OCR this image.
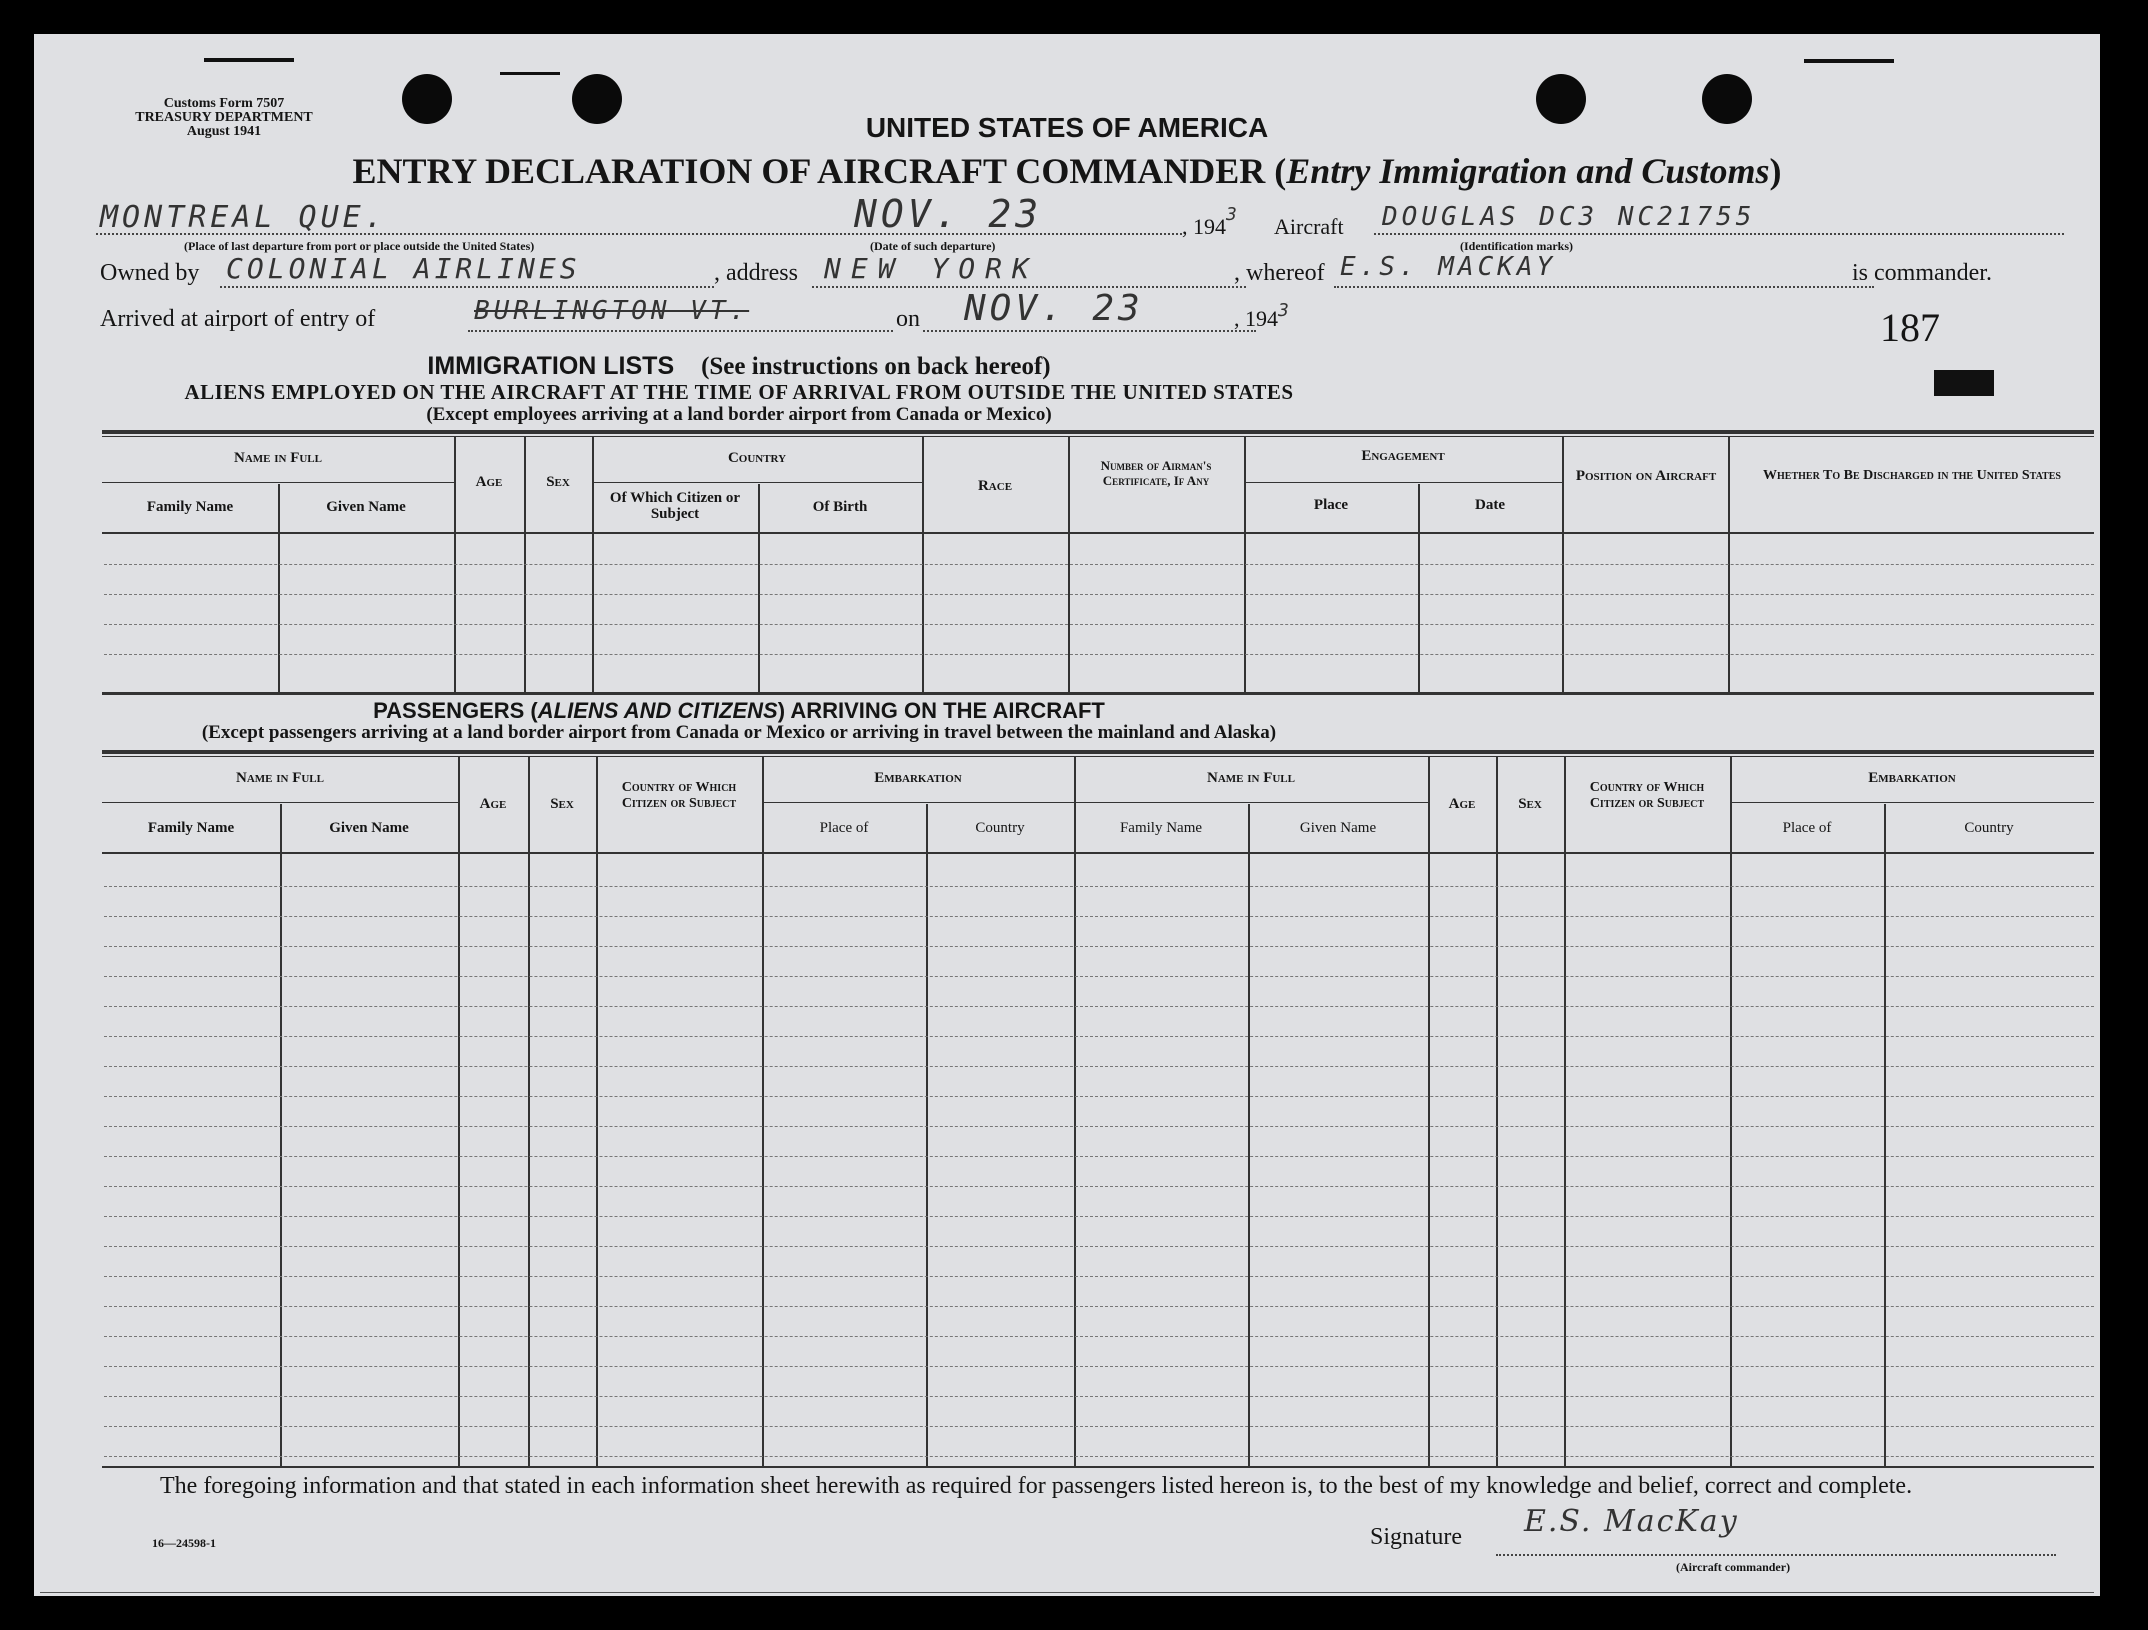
Customs Form 7507
TREASURY DEPARTMENT
August 1941	UNITED STATES OF AMERICA
ENTRY DECLARATION OF AIRCRAFT COMMANDER (Entry Immigration and Customs)
MONTREAL QUE.	NOV. 23	, $194^3$ Aircraft DOUGLAS DC3 NC21755
(Place of last departure from port or place outside the United States)	(Date of such departure)	(Identification marks)
Owned by COLONIAL AIRLINES	, address NEW YORK	, whereof E.S. MACKAY	is commander.
Arrived at airport of entry of	BURLINGTON VT.	on NOV. 23	, $194^3$	187
IMMIGRATION LISTS (See instructions on back hereof)
ALIENS EMPLOYED ON THE AIRCRAFT AT THE TIME OF ARRIVAL FROM OUTSIDE THE UNITED STATES
(Except employees arriving at a land border airport from Canada or Mexico)
Name in Full
Family Name	Given Name
Age	Sex
Country
Of Which Citizen or Subject	Of Birth
Race
Number of Airman's Certificate, If Any
Engagement
Place	Date
Position on Aircraft	Whether To Be Discharged in the United States
PASSENGERS (ALIENS AND CITIZENS) ARRIVING ON THE AIRCRAFT
(Except passengers arriving at a land border airport from Canada or Mexico or arriving in travel between the mainland and Alaska)
Name in Full
Family Name	Given Name
Age	Sex
Country of Which Citizen or Subject
Embarkation
Place of	Country
Name in Full
Family Name	Given Name
Age	Sex
Country of Which Citizen or Subject
Embarkation
Place of	Country
The foregoing information and that stated in each information sheet herewith as required for passengers listed hereon is, to the best of my knowledge and belief, correct and complete.
16—24598-1	Signature E.S. MacKay
(Aircraft commander)
